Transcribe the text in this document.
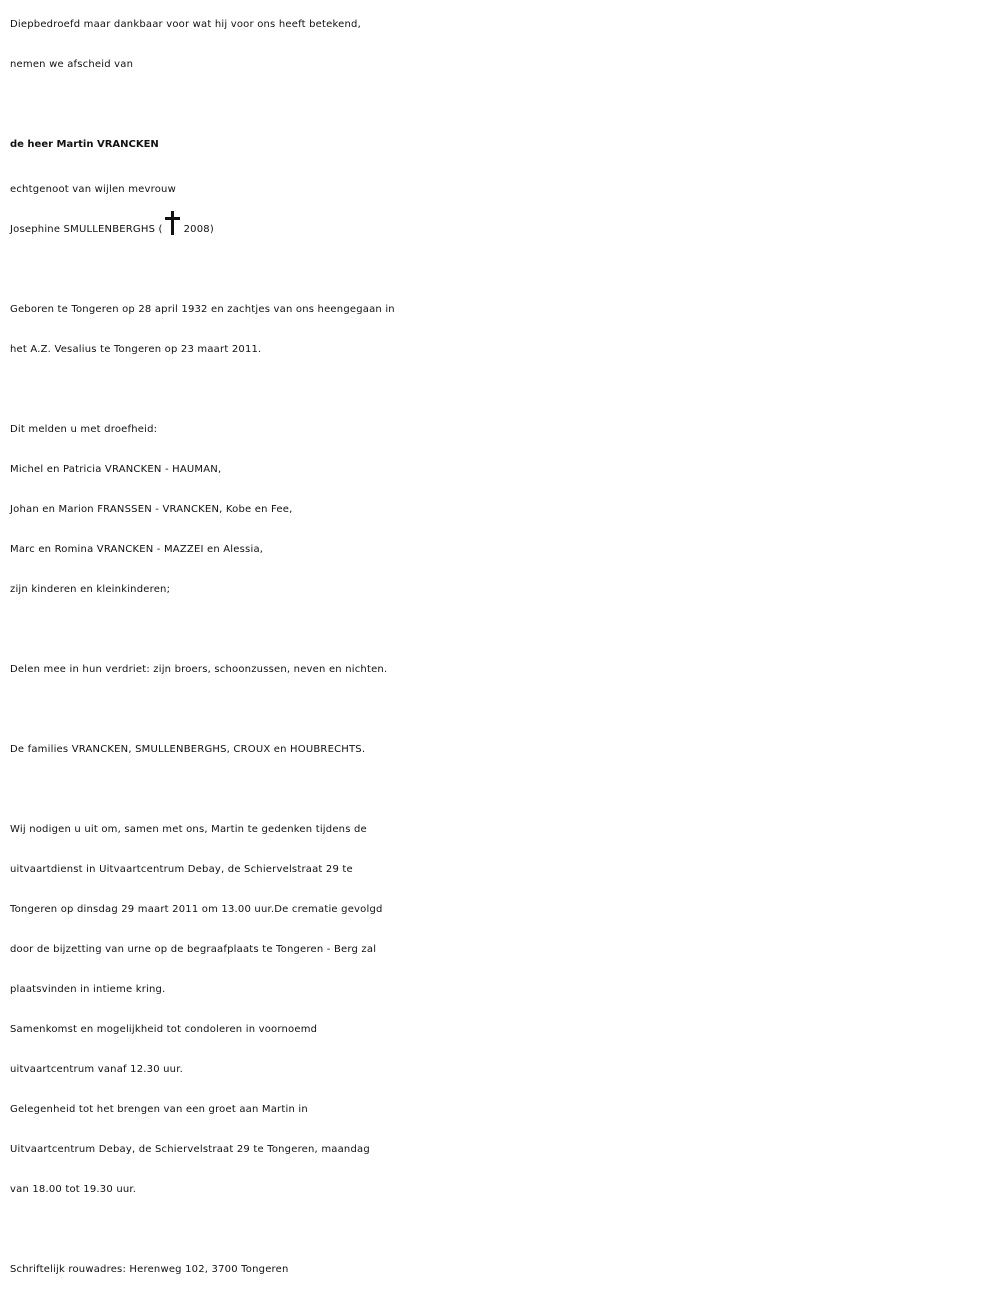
Diepbedroefd maar dankbaar voor wat hij voor ons heeft betekend,
nemen we afscheid van
de heer Martin VRANCKEN
echtgenoot van wijlen mevrouw
Josephine SMULLENBERGHS ( 2008)
Geboren te Tongeren op 28 april 1932 en zachtjes van ons heengegaan in
het A.Z. Vesalius te Tongeren op 23 maart 2011.
Dit melden u met droefheid:
Michel en Patricia VRANCKEN - HAUMAN,
Johan en Marion FRANSSEN - VRANCKEN, Kobe en Fee,
Marc en Romina VRANCKEN - MAZZEI en Alessia,
zijn kinderen en kleinkinderen;
Delen mee in hun verdriet: zijn broers, schoonzussen, neven en nichten.
De families VRANCKEN, SMULLENBERGHS, CROUX en HOUBRECHTS.
Wij nodigen u uit om, samen met ons, Martin te gedenken tijdens de
uitvaartdienst in Uitvaartcentrum Debay, de Schiervelstraat 29 te
Tongeren op dinsdag 29 maart 2011 om 13.00 uur.De crematie gevolgd
door de bijzetting van urne op de begraafplaats te Tongeren - Berg zal
plaatsvinden in intieme kring.
Samenkomst en mogelijkheid tot condoleren in voornoemd
uitvaartcentrum vanaf 12.30 uur.
Gelegenheid tot het brengen van een groet aan Martin in
Uitvaartcentrum Debay, de Schiervelstraat 29 te Tongeren, maandag
van 18.00 tot 19.30 uur.
Schriftelijk rouwadres: Herenweg 102, 3700 Tongeren
